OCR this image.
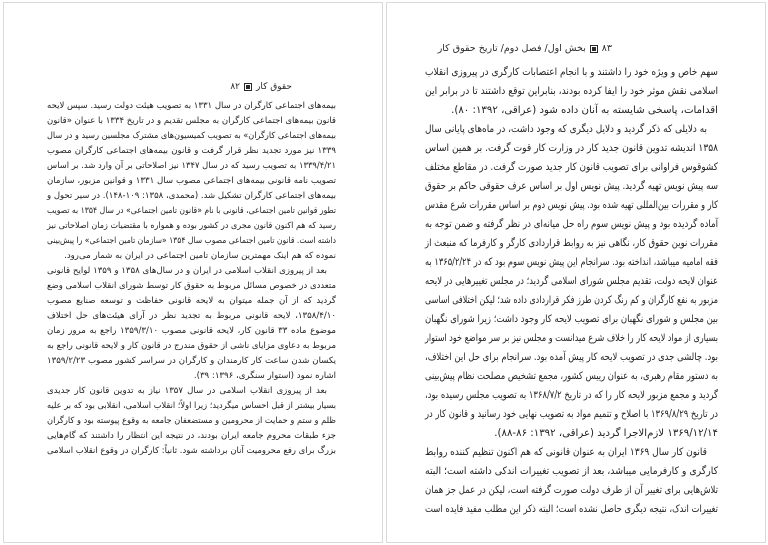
حقوق کار
۸۲
بیمه‌های اجتماعی کارگران در سال ۱۳۳۱ به تصویب هیئت دولت رسید. سپس لایحه
قانون بیمه‌های اجتماعی کارگران به مجلس تقدیم و در تاریخ ۱۳۳۴ با عنوان «قانون
بیمه‌های اجتماعی کارگران» به تصویب کمیسیون‌های مشترک مجلسین رسید و در سال
۱۳۳۹ نیز مورد تجدید نظر قرار گرفت و قانون بیمه‌های اجتماعی کارگران مصوب
۱۳۳۹/۴/۲۱ به تصویب رسید که در سال ۱۳۴۷ نیز اصلاحاتی بر آن وارد شد. بر اساس
تصویب نامه قانونی بیمه‌های اجتماعی مصوب سال ۱۳۳۱ و قوانین مزبور، سازمان
بیمه‌های اجتماعی کارگران تشکیل شد. (محمدی، ۱۳۵۸: ۱۰۹-۱۴۸). در سیر تحول و
تطور قوانین تامین اجتماعی، قانونی با نام «قانون تامین اجتماعی» در سال ۱۳۵۴ به تصویب
رسید که هم اکنون قانون مجری در کشور بوده و همواره با مقتضیات زمان اصلاحاتی نیز
داشته است. قانون تامین اجتماعی مصوب سال ۱۳۵۴ «سازمان تامین اجتماعی» را پیش‌بینی
نموده که هم اینک مهمترین سازمان تامین اجتماعی در ایران به شمار می‌رود.
بعد از پیروزی انقلاب اسلامی در ایران و در سال‌های ۱۳۵۸ و ۱۳۵۹ لوایح قانونی
متعددی در خصوص مسائل مربوط به حقوق کار توسط شورای انقلاب اسلامی وضع
گردید که از آن جمله میتوان به لایحه قانونی حفاظت و توسعه صنایع مصوب
۱۳۵۸/۴/۱۰، لایحه قانونی مربوط به تجدید نظر در آرای هیئت‌های حل اختلاف
موضوع ماده ۳۳ قانون کار، لایحه قانونی مصوب ۱۳۵۹/۳/۱۰ راجع به مرور زمان
مربوط به دعاوی مزایای ناشی از حقوق مندرج در قانون کار و لایحه قانونی راجع به
یکسان شدن ساعت کار کارمندان و کارگران در سراسر کشور مصوب ۱۳۵۹/۲/۲۳
اشاره نمود (استوار سنگری، ۱۳۹۶: ۳۹).
بعد از پیروزی انقلاب اسلامی در سال ۱۳۵۷ نیاز به تدوین قانون کار جدیدی
بسیار بیشتر از قبل احساس میگردید؛ زیرا اولاً؛ انقلاب اسلامی، انقلابی بود که بر علیه
ظلم و ستم و حمایت از محرومین و مستضعفان جامعه به وقوع پیوسته بود و کارگران
جزء طبقات محروم جامعه ایران بودند، در نتیجه این انتظار را داشتند که گام‌هایی
بزرگ برای رفع محرومیت آنان برداشته شود. ثانیاً: کارگران در وقوع انقلاب اسلامی
۸۳
بخش اول/ فصل دوم/ تاریخ حقوق کار
سهم خاص و ویژه خود را داشتند و با انجام اعتصابات کارگری در پیروزی انقلاب
اسلامی نقش موثر خود را ایفا کرده بودند، بنابراین توقع داشتند تا در برابر این
اقدامات، پاسخی شایسته به آنان داده شود (عراقی، ۱۳۹۲: ۸۰).
به دلایلی که ذکر گردید و دلایل دیگری که وجود داشت، در ماه‌های پایانی سال
۱۳۵۸ اندیشه تدوین قانون جدید کار در وزارت کار قوت گرفت. بر همین اساس
کشوقوس فراوانی برای تصویب قانون کار جدید صورت گرفت. در مقاطع مختلف
سه پیش نویس تهیه گردید. پیش نویس اول بر اساس عرف حقوقی حاکم بر حقوق
کار و مقررات بین‌المللی تهیه شده بود. پیش نویس دوم بر اساس مقررات شرع مقدس
آماده گردیده بود و پیش نویس سوم راه حل میانه‌ای در نظر گرفته و ضمن توجه به
مقررات نوین حقوق کار، نگاهی نیز به روابط قراردادی کارگر و کارفرما که منبعث از
فقه امامیه میباشد، انداخته بود. سرانجام این پیش نویس سوم بود که در ۱۳۶۵/۲/۲۴ به
عنوان لایحه دولت، تقدیم مجلس شورای اسلامی گردید؛ در مجلس تغییرهایی در لایحه
مزبور به نفع کارگران و کم رنگ کردن طرز فکر قراردادی داده شد؛ لیکن اختلافی اساسی
بین مجلس و شورای نگهبان برای تصویب لایحه کار وجود داشت؛ زیرا شورای نگهبان
بسیاری از مواد لایحه کار را خلاف شرع میدانست و مجلس نیز بر سر مواضع خود استوار
بود. چالشی جدی در تصویب لایحه کار پیش آمده بود. سرانجام برای حل این اختلاف،
به دستور مقام رهبری، به عنوان رییس کشور، مجمع تشخیص مصلحت نظام پیش‌بینی
گردید و مجمع مزبور لایحه کار را که در تاریخ ۱۳۶۸/۷/۲ به تصویب مجلس رسیده بود،
در تاریخ ۱۳۶۹/۸/۲۹ با اصلاح و تتمیم مواد به تصویب نهایی خود رسانید و قانون کار در
۱۳۶۹/۱۲/۱۴ لازم‌الاجرا گردید (عراقی، ۱۳۹۲: ۸۶-۸۸).
قانون کار سال ۱۳۶۹ ایران به عنوان قانونی که هم اکنون تنظیم کننده روابط
کارگری و کارفرمایی میباشد، بعد از تصویب تغییرات اندکی داشته است؛ البته
تلاش‌هایی برای تغییر آن از طرف دولت صورت گرفته است، لیکن در عمل جز همان
تغییرات اندک، نتیجه دیگری حاصل نشده است؛ البته ذکر این مطلب مفید فایده است
